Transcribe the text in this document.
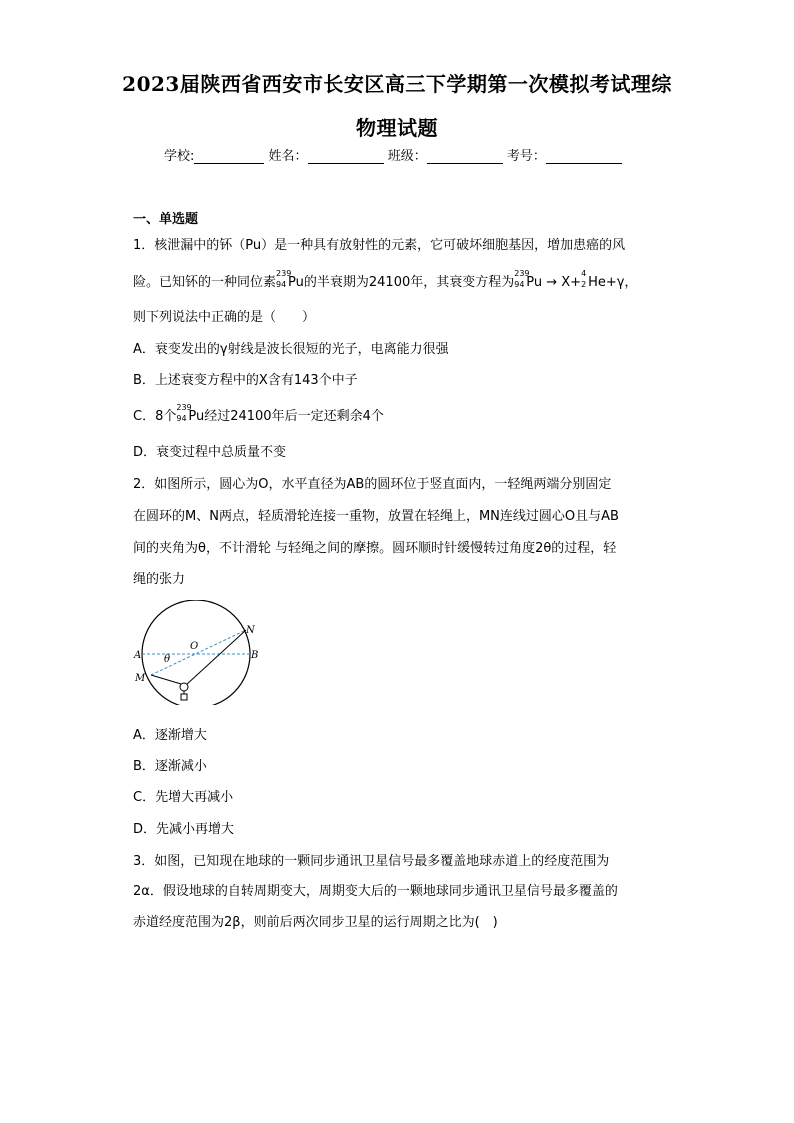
2023届陕西省西安市长安区高三下学期第一次模拟考试理综
物理试题
学校:	姓名：	班级：	考号：
一、单选题
1．核泄漏中的钚（Pu）是一种具有放射性的元素，它可破坏细胞基因，增加患癌的风
险。已知钚的一种同位素
239
94 Pu的半衰期为24100年，其衰变方程为
239
94 Pu → X+
4
2 He+γ，
则下列说法中正确的是（　　）
A．衰变发出的γ射线是波长很短的光子，电离能力很强
B．上述衰变方程中的X含有143个中子
C．8个
239
94 Pu经过24100年后一定还剩余4个
D．衰变过程中总质量不变
2．如图所示，圆心为O，水平直径为AB的圆环位于竖直面内，一轻绳两端分别固定
在圆环的M、N两点，轻质滑轮连接一重物，放置在轻绳上，MN连线过圆心O且与AB
间的夹角为θ，不计滑轮 与轻绳之间的摩擦。圆环顺时针缓慢转过角度2θ的过程，轻
绳的张力
N
O
A	B
θ
M
A．逐渐增大
B．逐渐减小
C．先增大再减小
D．先减小再增大
3．如图，已知现在地球的一颗同步通讯卫星信号最多覆盖地球赤道上的经度范围为
2α．假设地球的自转周期变大，周期变大后的一颗地球同步通讯卫星信号最多覆盖的
赤道经度范围为2β，则前后两次同步卫星的运行周期之比为(　)
